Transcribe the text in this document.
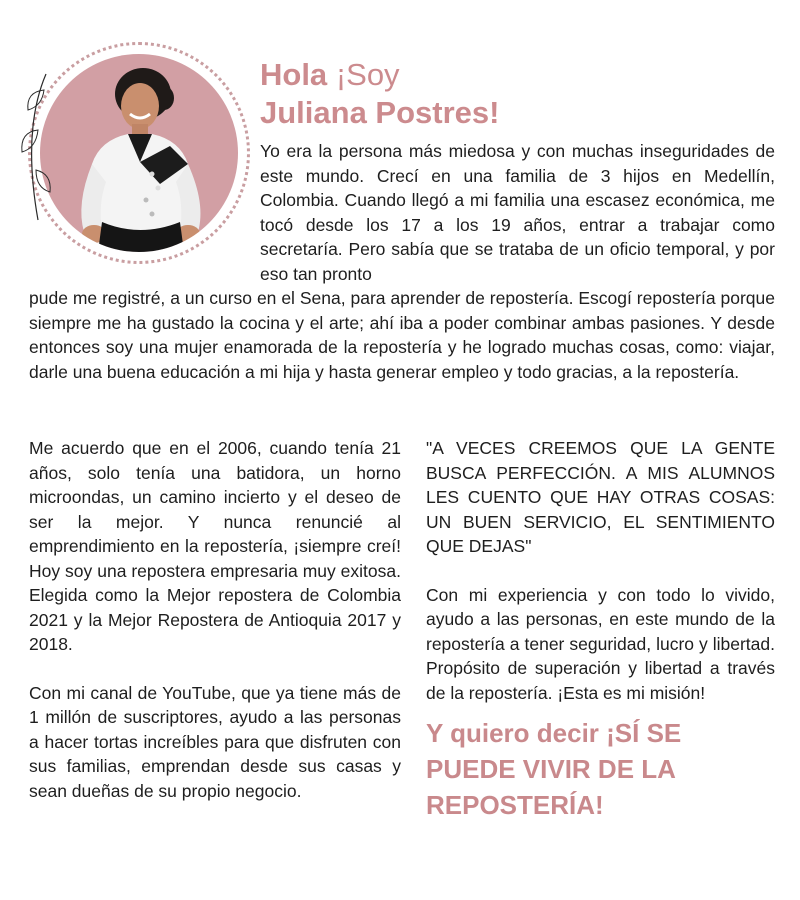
Hola ¡Soy
Juliana Postres!

Yo era la persona más miedosa y con muchas inseguridades de este mundo. Crecí en una familia de 3 hijos en Medellín, Colombia. Cuando llegó a mi familia una escasez económica, me tocó desde los 17 a los 19 años, entrar a trabajar como secretaría. Pero sabía que se trataba de un oficio temporal, y por eso tan pronto

pude me registré, a un curso en el Sena, para aprender de repostería. Escogí repostería porque siempre me ha gustado la cocina y el arte; ahí iba a poder combinar ambas pasiones. Y desde entonces soy una mujer enamorada de la repostería y he logrado muchas cosas, como: viajar, darle una buena educación a mi hija y hasta generar empleo y todo gracias, a la repostería.

Me acuerdo que en el 2006, cuando tenía 21 años, solo tenía una batidora, un horno microondas, un camino incierto y el deseo de ser la mejor. Y nunca renuncié al emprendimiento en la repostería, ¡siempre creí! Hoy soy una repostera empresaria muy exitosa. Elegida como la Mejor repostera de Colombia 2021 y la Mejor Repostera de Antioquia 2017 y 2018.

Con mi canal de YouTube, que ya tiene más de 1 millón de suscriptores, ayudo a las personas a hacer tortas increíbles para que disfruten con sus familias, emprendan desde sus casas y sean dueñas de su propio negocio.

"A VECES CREEMOS QUE LA GENTE BUSCA PERFECCIÓN. A MIS ALUMNOS LES CUENTO QUE HAY OTRAS COSAS: UN BUEN SERVICIO, EL SENTIMIENTO QUE DEJAS"

Con mi experiencia y con todo lo vivido, ayudo a las personas, en este mundo de la repostería a tener seguridad, lucro y libertad. Propósito de superación y libertad a través de la repostería. ¡Esta es mi misión!

Y quiero decir ¡SÍ SE PUEDE VIVIR DE LA REPOSTERÍA!
